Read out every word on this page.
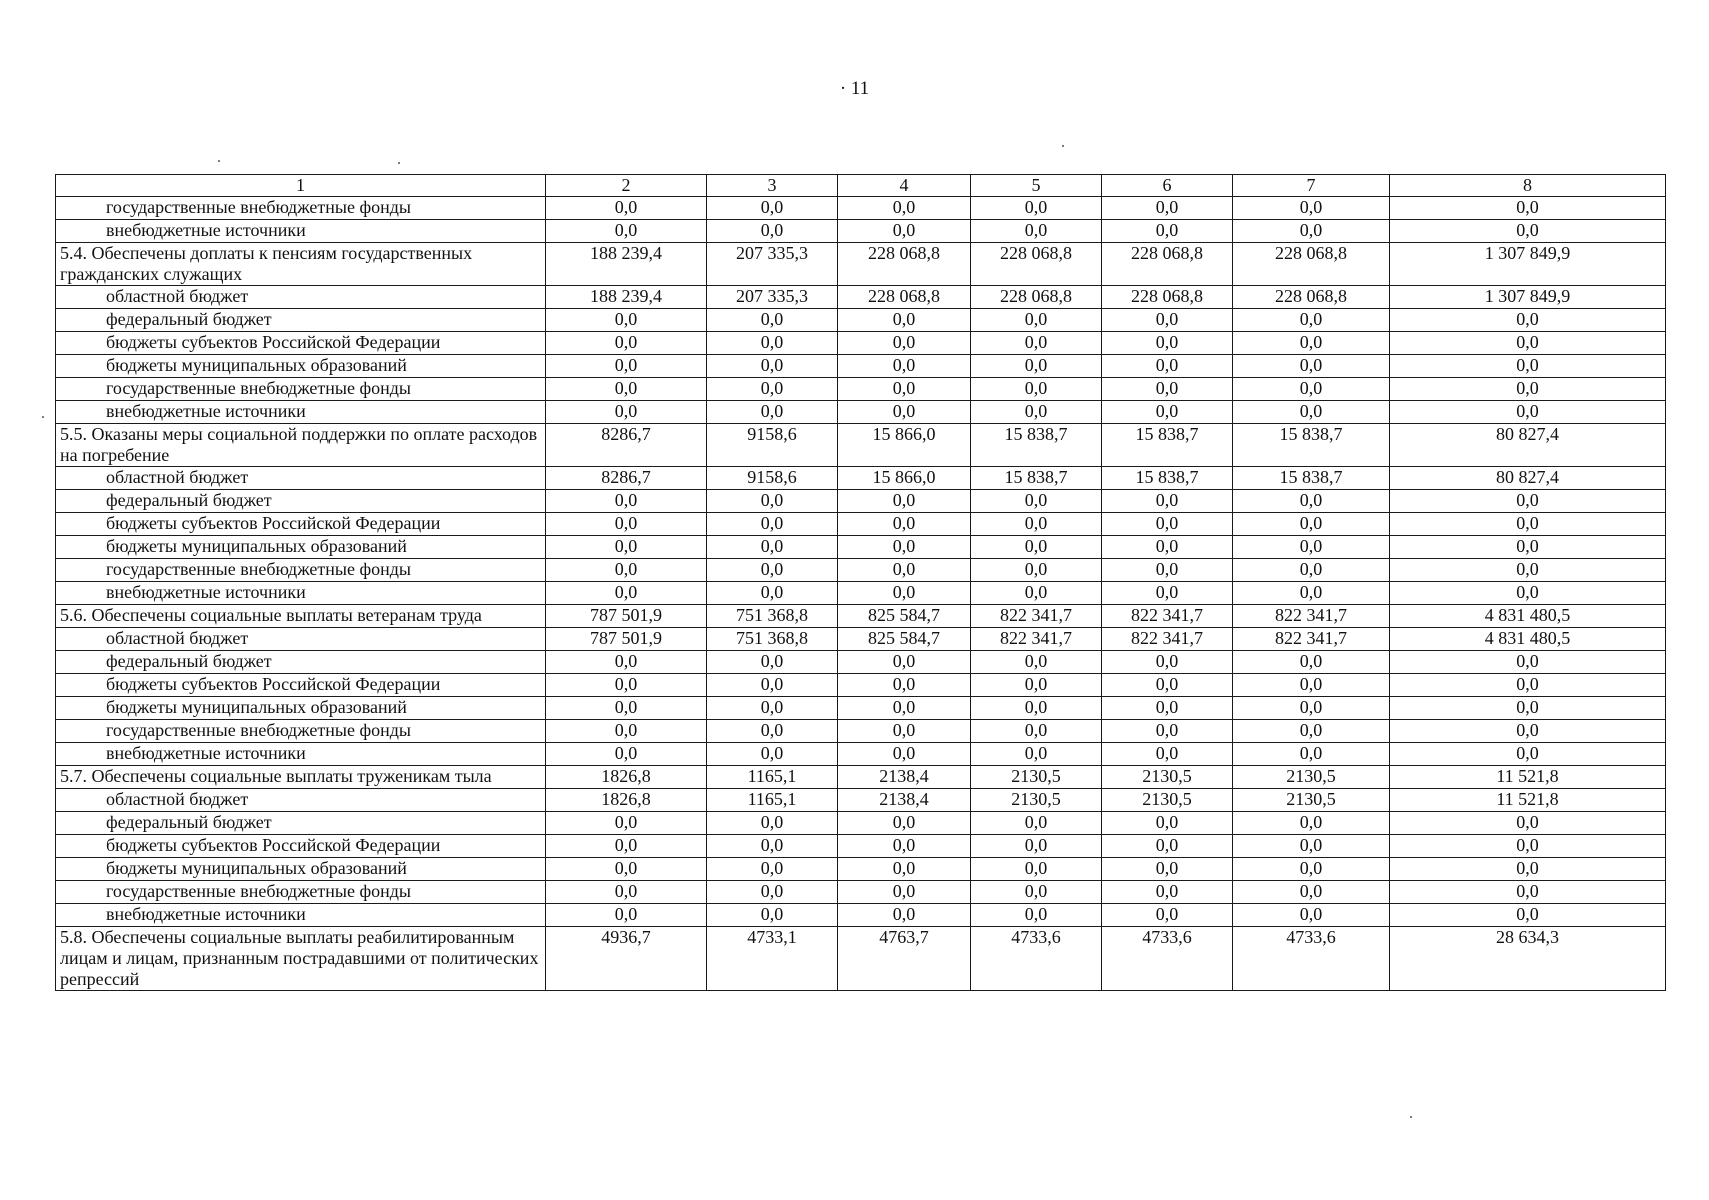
· 11
1	2	3	4	5	6	7	8
государственные внебюджетные фонды	0,0	0,0	0,0	0,0	0,0	0,0	0,0
внебюджетные источники	0,0	0,0	0,0	0,0	0,0	0,0	0,0
5.4. Обеспечены доплаты к пенсиям государственных гражданских служащих	188 239,4	207 335,3	228 068,8	228 068,8	228 068,8	228 068,8	1 307 849,9
областной бюджет	188 239,4	207 335,3	228 068,8	228 068,8	228 068,8	228 068,8	1 307 849,9
федеральный бюджет	0,0	0,0	0,0	0,0	0,0	0,0	0,0
бюджеты субъектов Российской Федерации	0,0	0,0	0,0	0,0	0,0	0,0	0,0
бюджеты муниципальных образований	0,0	0,0	0,0	0,0	0,0	0,0	0,0
государственные внебюджетные фонды	0,0	0,0	0,0	0,0	0,0	0,0	0,0
внебюджетные источники	0,0	0,0	0,0	0,0	0,0	0,0	0,0
5.5. Оказаны меры социальной поддержки по оплате расходов на погребение	8286,7	9158,6	15 866,0	15 838,7	15 838,7	15 838,7	80 827,4
областной бюджет	8286,7	9158,6	15 866,0	15 838,7	15 838,7	15 838,7	80 827,4
федеральный бюджет	0,0	0,0	0,0	0,0	0,0	0,0	0,0
бюджеты субъектов Российской Федерации	0,0	0,0	0,0	0,0	0,0	0,0	0,0
бюджеты муниципальных образований	0,0	0,0	0,0	0,0	0,0	0,0	0,0
государственные внебюджетные фонды	0,0	0,0	0,0	0,0	0,0	0,0	0,0
внебюджетные источники	0,0	0,0	0,0	0,0	0,0	0,0	0,0
5.6. Обеспечены социальные выплаты ветеранам труда	787 501,9	751 368,8	825 584,7	822 341,7	822 341,7	822 341,7	4 831 480,5
областной бюджет	787 501,9	751 368,8	825 584,7	822 341,7	822 341,7	822 341,7	4 831 480,5
федеральный бюджет	0,0	0,0	0,0	0,0	0,0	0,0	0,0
бюджеты субъектов Российской Федерации	0,0	0,0	0,0	0,0	0,0	0,0	0,0
бюджеты муниципальных образований	0,0	0,0	0,0	0,0	0,0	0,0	0,0
государственные внебюджетные фонды	0,0	0,0	0,0	0,0	0,0	0,0	0,0
внебюджетные источники	0,0	0,0	0,0	0,0	0,0	0,0	0,0
5.7. Обеспечены социальные выплаты труженикам тыла	1826,8	1165,1	2138,4	2130,5	2130,5	2130,5	11 521,8
областной бюджет	1826,8	1165,1	2138,4	2130,5	2130,5	2130,5	11 521,8
федеральный бюджет	0,0	0,0	0,0	0,0	0,0	0,0	0,0
бюджеты субъектов Российской Федерации	0,0	0,0	0,0	0,0	0,0	0,0	0,0
бюджеты муниципальных образований	0,0	0,0	0,0	0,0	0,0	0,0	0,0
государственные внебюджетные фонды	0,0	0,0	0,0	0,0	0,0	0,0	0,0
внебюджетные источники	0,0	0,0	0,0	0,0	0,0	0,0	0,0
5.8. Обеспечены социальные выплаты реабилитированным лицам и лицам, признанным пострадавшими от политических репрессий	4936,7	4733,1	4763,7	4733,6	4733,6	4733,6	28 634,3
